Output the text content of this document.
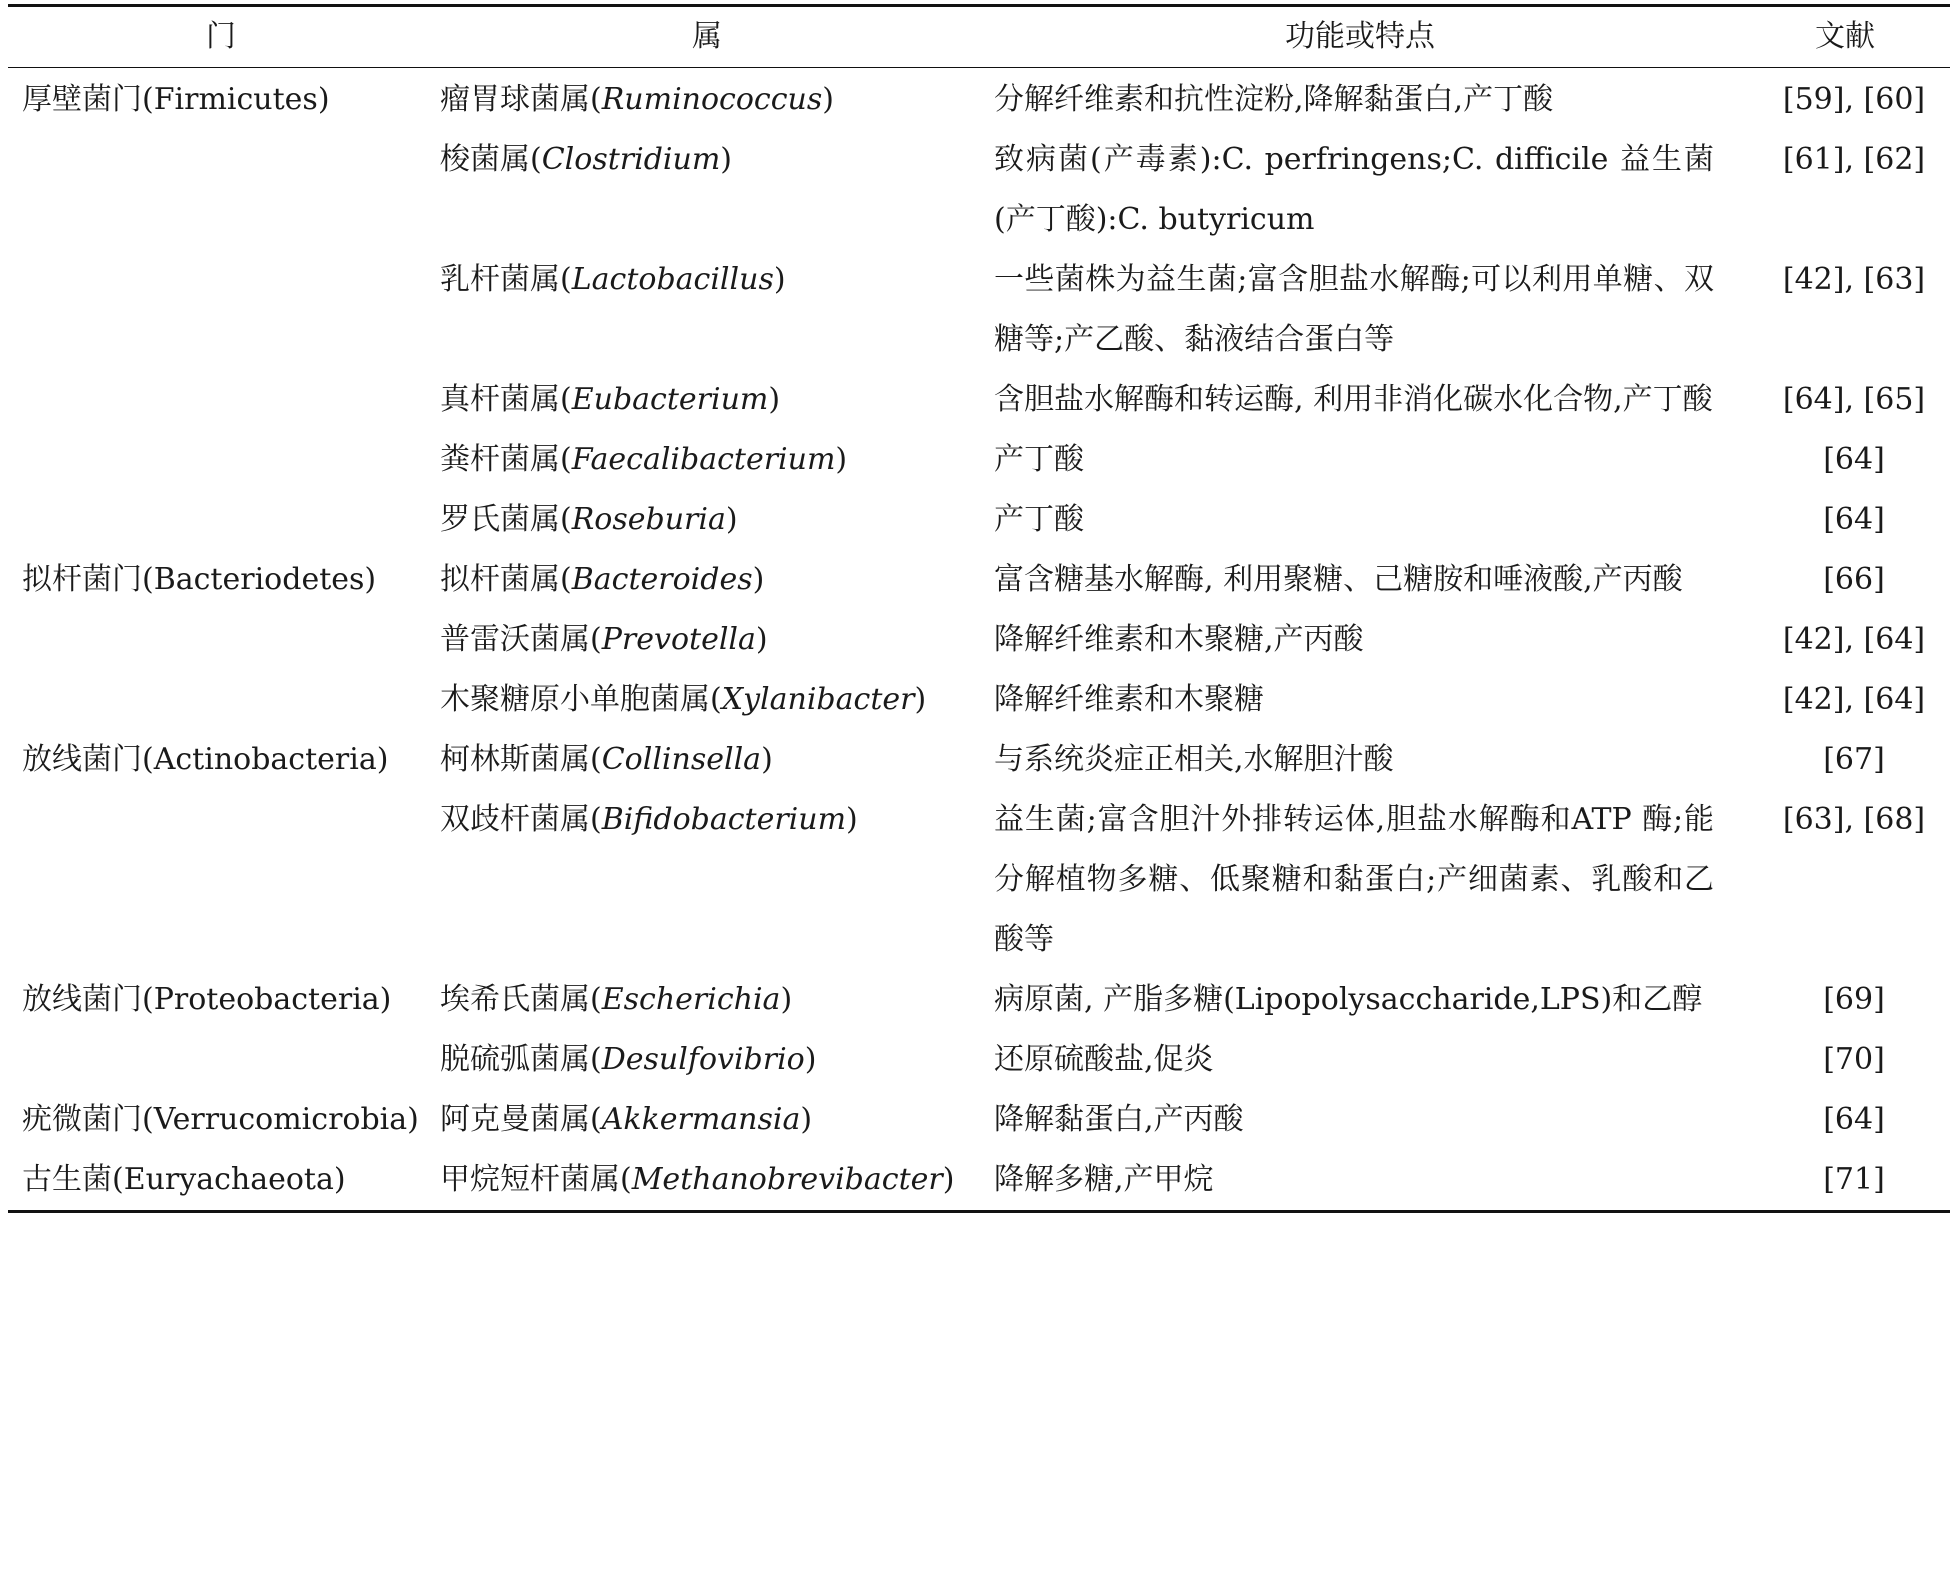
门	属	功能或特点	文献
厚壁菌门(Firmicutes)	瘤胃球菌属(Ruminococcus)	分解纤维素和抗性淀粉,降解黏蛋白,产丁酸	[59], [60]
	梭菌属(Clostridium)	致病菌(产毒素):C. perfringens;C. difficile 益生菌(产丁酸):C. butyricum	[61], [62]
	乳杆菌属(Lactobacillus)	一些菌株为益生菌;富含胆盐水解酶;可以利用单糖、双糖等;产乙酸、黏液结合蛋白等	[42], [63]
	真杆菌属(Eubacterium)	含胆盐水解酶和转运酶, 利用非消化碳水化合物,产丁酸	[64], [65]
	粪杆菌属(Faecalibacterium)	产丁酸	[64]
	罗氏菌属(Roseburia)	产丁酸	[64]
拟杆菌门(Bacteriodetes)	拟杆菌属(Bacteroides)	富含糖基水解酶, 利用聚糖、己糖胺和唾液酸,产丙酸	[66]
	普雷沃菌属(Prevotella)	降解纤维素和木聚糖,产丙酸	[42], [64]
	木聚糖原小单胞菌属(Xylanibacter)	降解纤维素和木聚糖	[42], [64]
放线菌门(Actinobacteria)	柯林斯菌属(Collinsella)	与系统炎症正相关,水解胆汁酸	[67]
	双歧杆菌属(Bifidobacterium)	益生菌;富含胆汁外排转运体,胆盐水解酶和ATP 酶;能分解植物多糖、低聚糖和黏蛋白;产细菌素、乳酸和乙酸等	[63], [68]
放线菌门(Proteobacteria)	埃希氏菌属(Escherichia)	病原菌, 产脂多糖(Lipopolysaccharide,LPS)和乙醇	[69]
	脱硫弧菌属(Desulfovibrio)	还原硫酸盐,促炎	[70]
疣微菌门(Verrucomicrobia)	阿克曼菌属(Akkermansia)	降解黏蛋白,产丙酸	[64]
古生菌(Euryachaeota)	甲烷短杆菌属(Methanobrevibacter)	降解多糖,产甲烷	[71]
